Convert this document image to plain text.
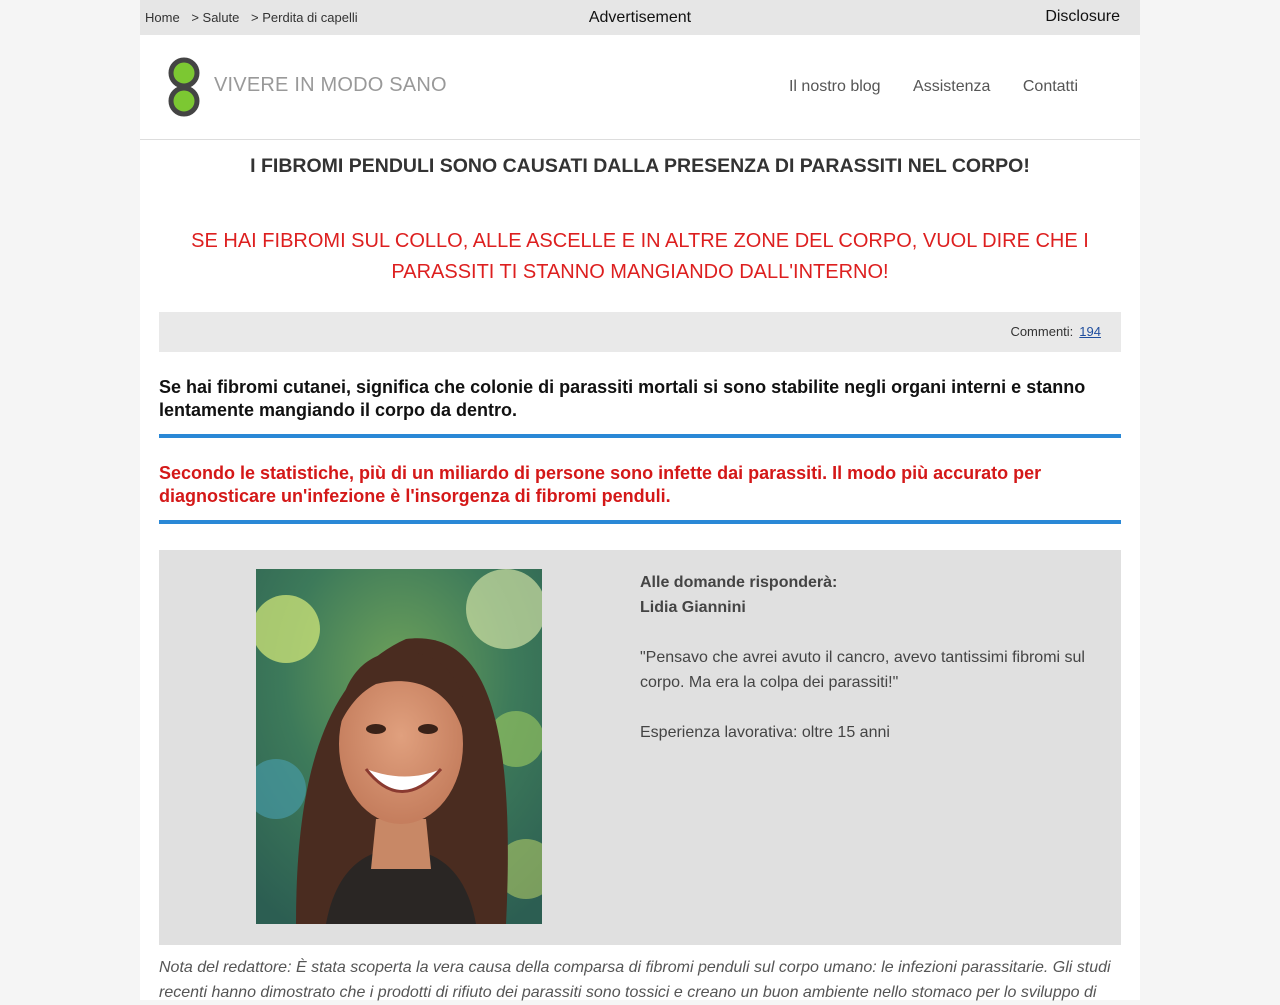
Home > Salute > Perdita di capelli	Advertisement	Disclosure
VIVERE IN MODO SANO	Il nostro blog Assistenza Contatti
I FIBROMI PENDULI SONO CAUSATI DALLA PRESENZA DI PARASSITI NEL CORPO!
SE HAI FIBROMI SUL COLLO, ALLE ASCELLE E IN ALTRE ZONE DEL CORPO, VUOL DIRE CHE I PARASSITI TI STANNO MANGIANDO DALL'INTERNO!
Commenti: 194
Se hai fibromi cutanei, significa che colonie di parassiti mortali si sono stabilite negli organi interni e stanno lentamente mangiando il corpo da dentro.
Secondo le statistiche, più di un miliardo di persone sono infette dai parassiti. Il modo più accurato per diagnosticare un'infezione è l'insorgenza di fibromi penduli.

Alle domande risponderà:

Lidia Giannini

"Pensavo che avrei avuto il cancro, avevo tantissimi fibromi sul corpo. Ma era la colpa dei parassiti!"

Esperienza lavorativa: oltre 15 anni

Nota del redattore: È stata scoperta la vera causa della comparsa di fibromi penduli sul corpo umano: le infezioni parassitarie. Gli studi recenti hanno dimostrato che i prodotti di rifiuto dei parassiti sono tossici e creano un buon ambiente nello stomaco per lo sviluppo di
